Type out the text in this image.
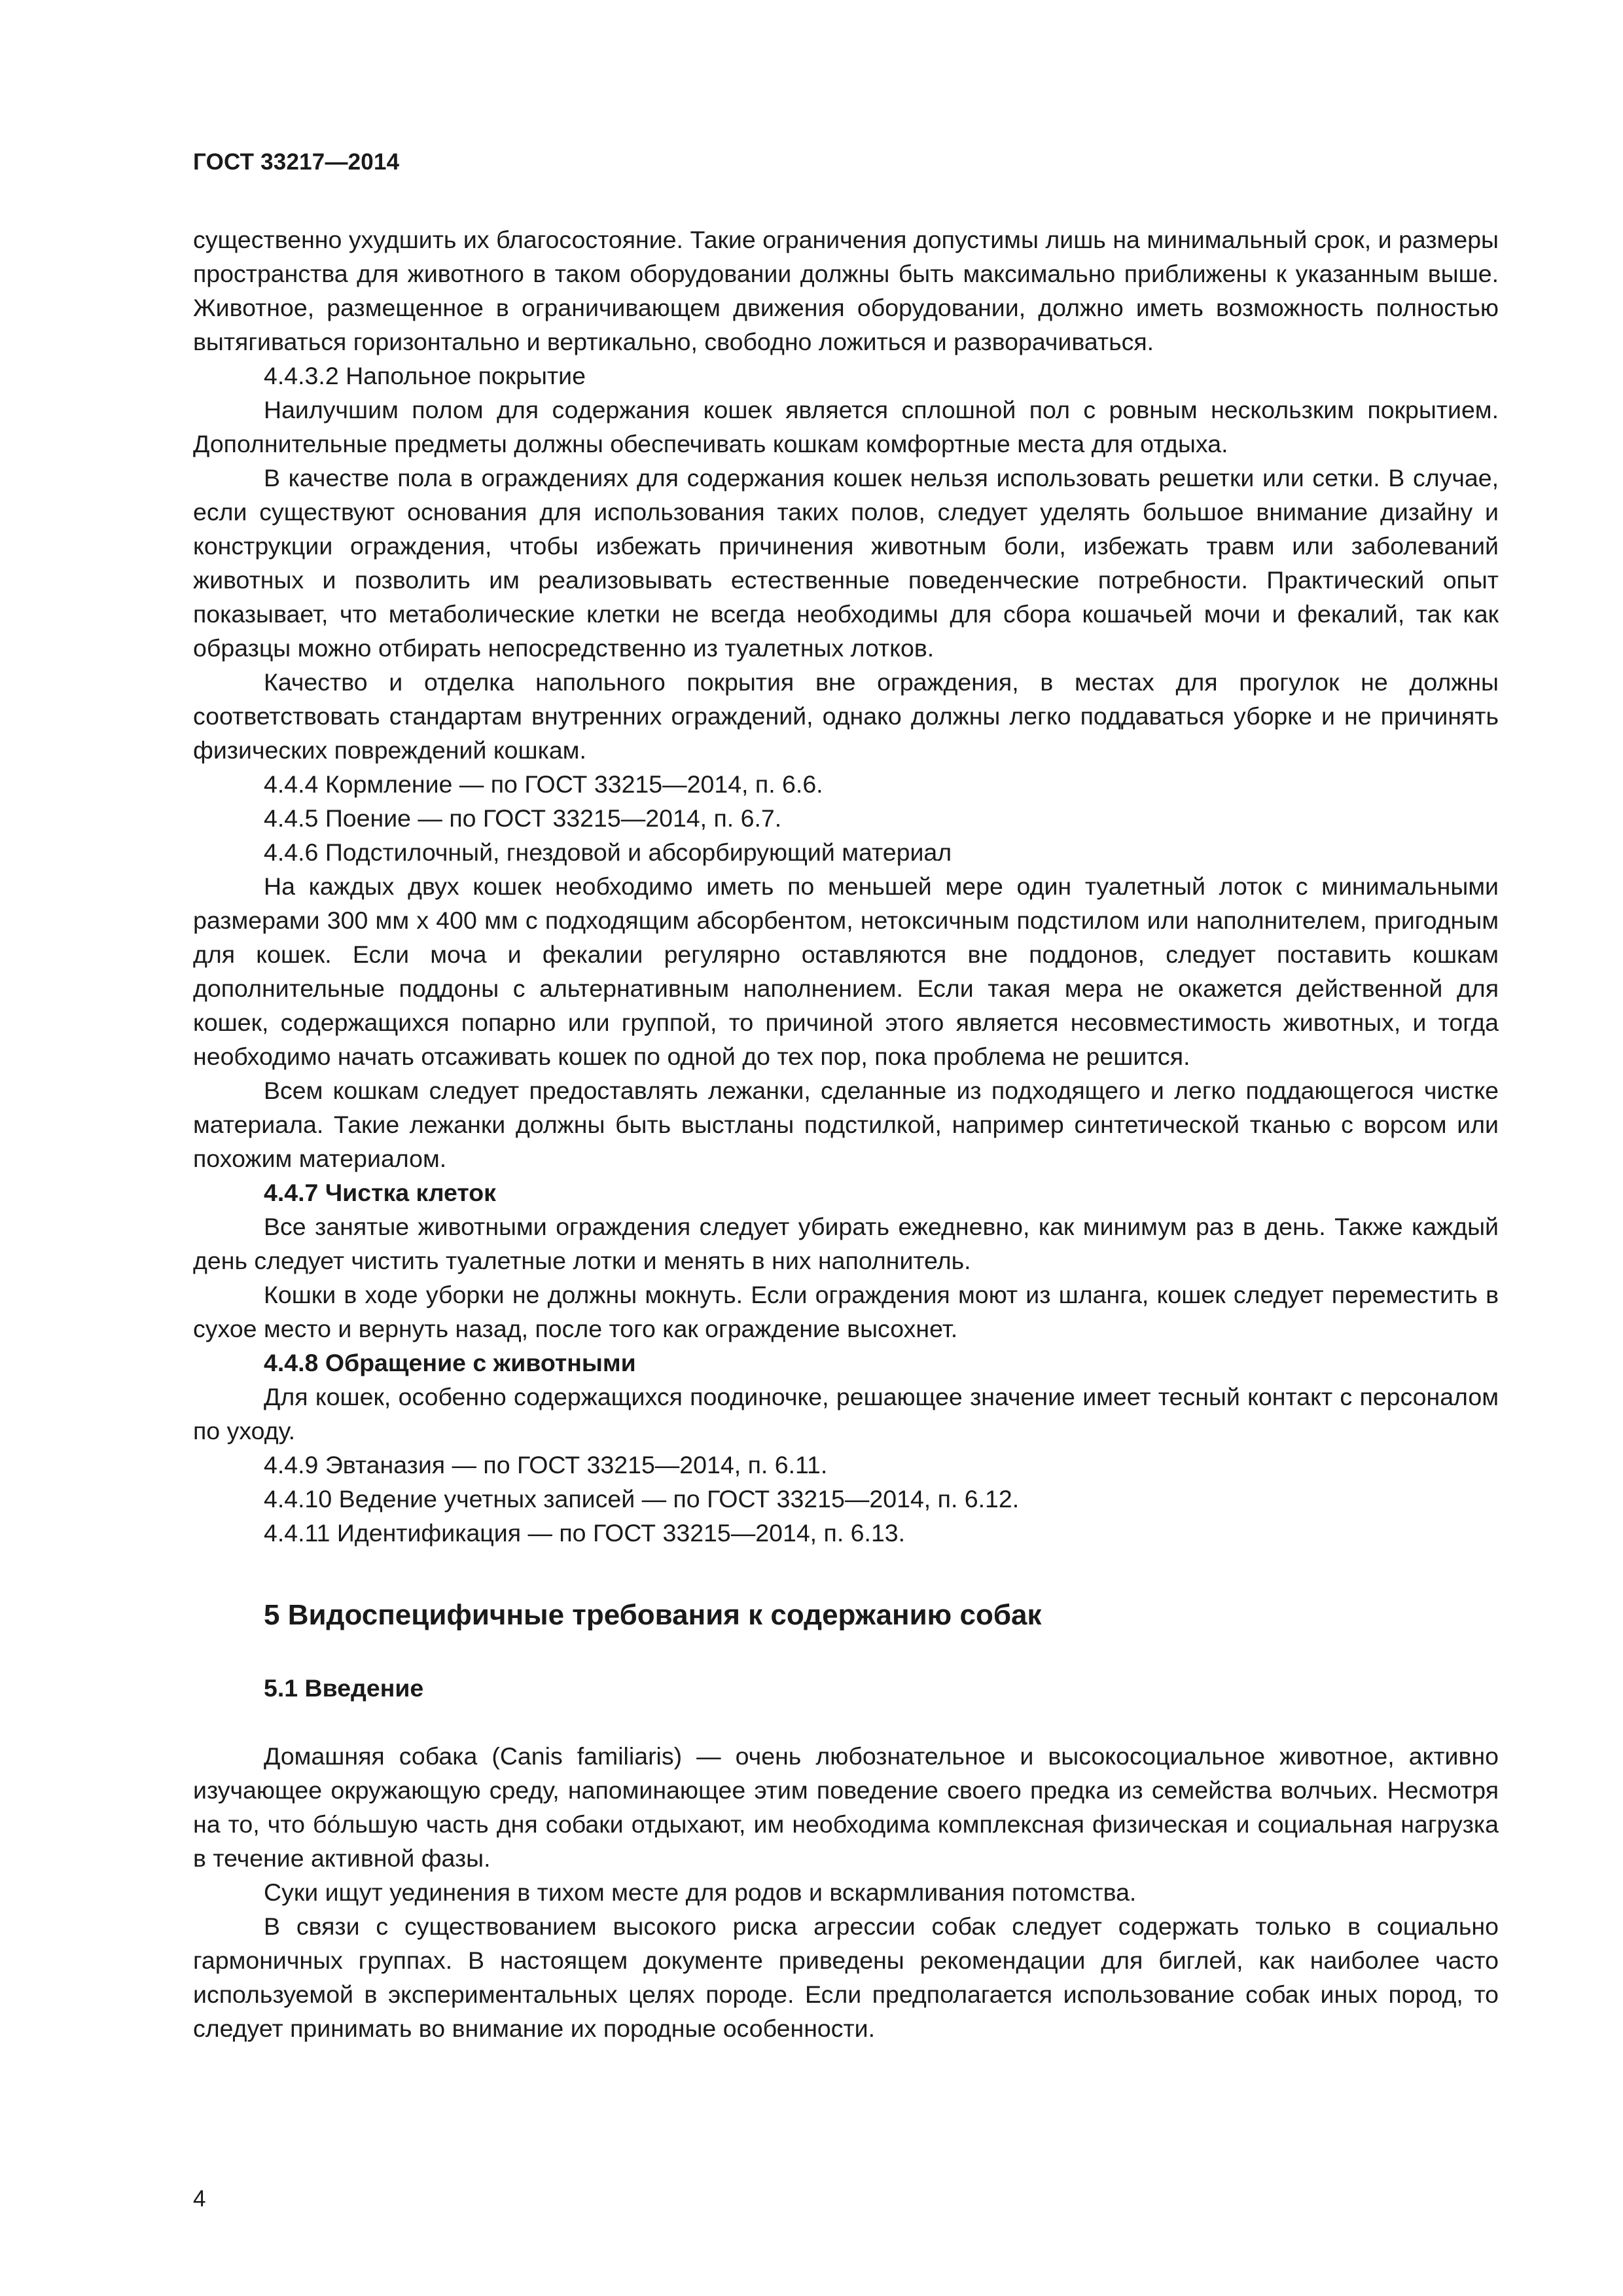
ГОСТ 33217—2014

существенно ухудшить их благосостояние. Такие ограничения допустимы лишь на минимальный срок, и размеры пространства для животного в таком оборудовании должны быть максимально приближены к указанным выше. Животное, размещенное в ограничивающем движения оборудовании, должно иметь возможность полностью вытягиваться горизонтально и вертикально, свободно ложиться и разворачиваться.

4.4.3.2 Напольное покрытие

Наилучшим полом для содержания кошек является сплошной пол с ровным нескользким покрытием. Дополнительные предметы должны обеспечивать кошкам комфортные места для отдыха.

В качестве пола в ограждениях для содержания кошек нельзя использовать решетки или сетки. В случае, если существуют основания для использования таких полов, следует уделять большое внимание дизайну и конструкции ограждения, чтобы избежать причинения животным боли, избежать травм или заболеваний животных и позволить им реализовывать естественные поведенческие потребности. Практический опыт показывает, что метаболические клетки не всегда необходимы для сбора кошачьей мочи и фекалий, так как образцы можно отбирать непосредственно из туалетных лотков.

Качество и отделка напольного покрытия вне ограждения, в местах для прогулок не должны соответствовать стандартам внутренних ограждений, однако должны легко поддаваться уборке и не причинять физических повреждений кошкам.

4.4.4 Кормление — по ГОСТ 33215—2014, п. 6.6.

4.4.5 Поение — по ГОСТ 33215—2014, п. 6.7.

4.4.6 Подстилочный, гнездовой и абсорбирующий материал

На каждых двух кошек необходимо иметь по меньшей мере один туалетный лоток с минимальными размерами 300 мм х 400 мм с подходящим абсорбентом, нетоксичным подстилом или наполнителем, пригодным для кошек. Если моча и фекалии регулярно оставляются вне поддонов, следует поставить кошкам дополнительные поддоны с альтернативным наполнением. Если такая мера не окажется действенной для кошек, содержащихся попарно или группой, то причиной этого является несовместимость животных, и тогда необходимо начать отсаживать кошек по одной до тех пор, пока проблема не решится.

Всем кошкам следует предоставлять лежанки, сделанные из подходящего и легко поддающегося чистке материала. Такие лежанки должны быть выстланы подстилкой, например синтетической тканью с ворсом или похожим материалом.

4.4.7 Чистка клеток

Все занятые животными ограждения следует убирать ежедневно, как минимум раз в день. Также каждый день следует чистить туалетные лотки и менять в них наполнитель.

Кошки в ходе уборки не должны мокнуть. Если ограждения моют из шланга, кошек следует переместить в сухое место и вернуть назад, после того как ограждение высохнет.

4.4.8 Обращение с животными

Для кошек, особенно содержащихся поодиночке, решающее значение имеет тесный контакт с персоналом по уходу.

4.4.9 Эвтаназия — по ГОСТ 33215—2014, п. 6.11.

4.4.10 Ведение учетных записей — по ГОСТ 33215—2014, п. 6.12.

4.4.11 Идентификация — по ГОСТ 33215—2014, п. 6.13.

5 Видоспецифичные требования к содержанию собак
5.1 Введение

Домашняя собака (Canis familiaris) — очень любознательное и высокосоциальное животное, активно изучающее окружающую среду, напоминающее этим поведение своего предка из семейства волчьих. Несмотря на то, что бо́льшую часть дня собаки отдыхают, им необходима комплексная физическая и социальная нагрузка в течение активной фазы.

Суки ищут уединения в тихом месте для родов и вскармливания потомства.

В связи с существованием высокого риска агрессии собак следует содержать только в социально гармоничных группах. В настоящем документе приведены рекомендации для биглей, как наиболее часто используемой в экспериментальных целях породе. Если предполагается использование собак иных пород, то следует принимать во внимание их породные особенности.

4
